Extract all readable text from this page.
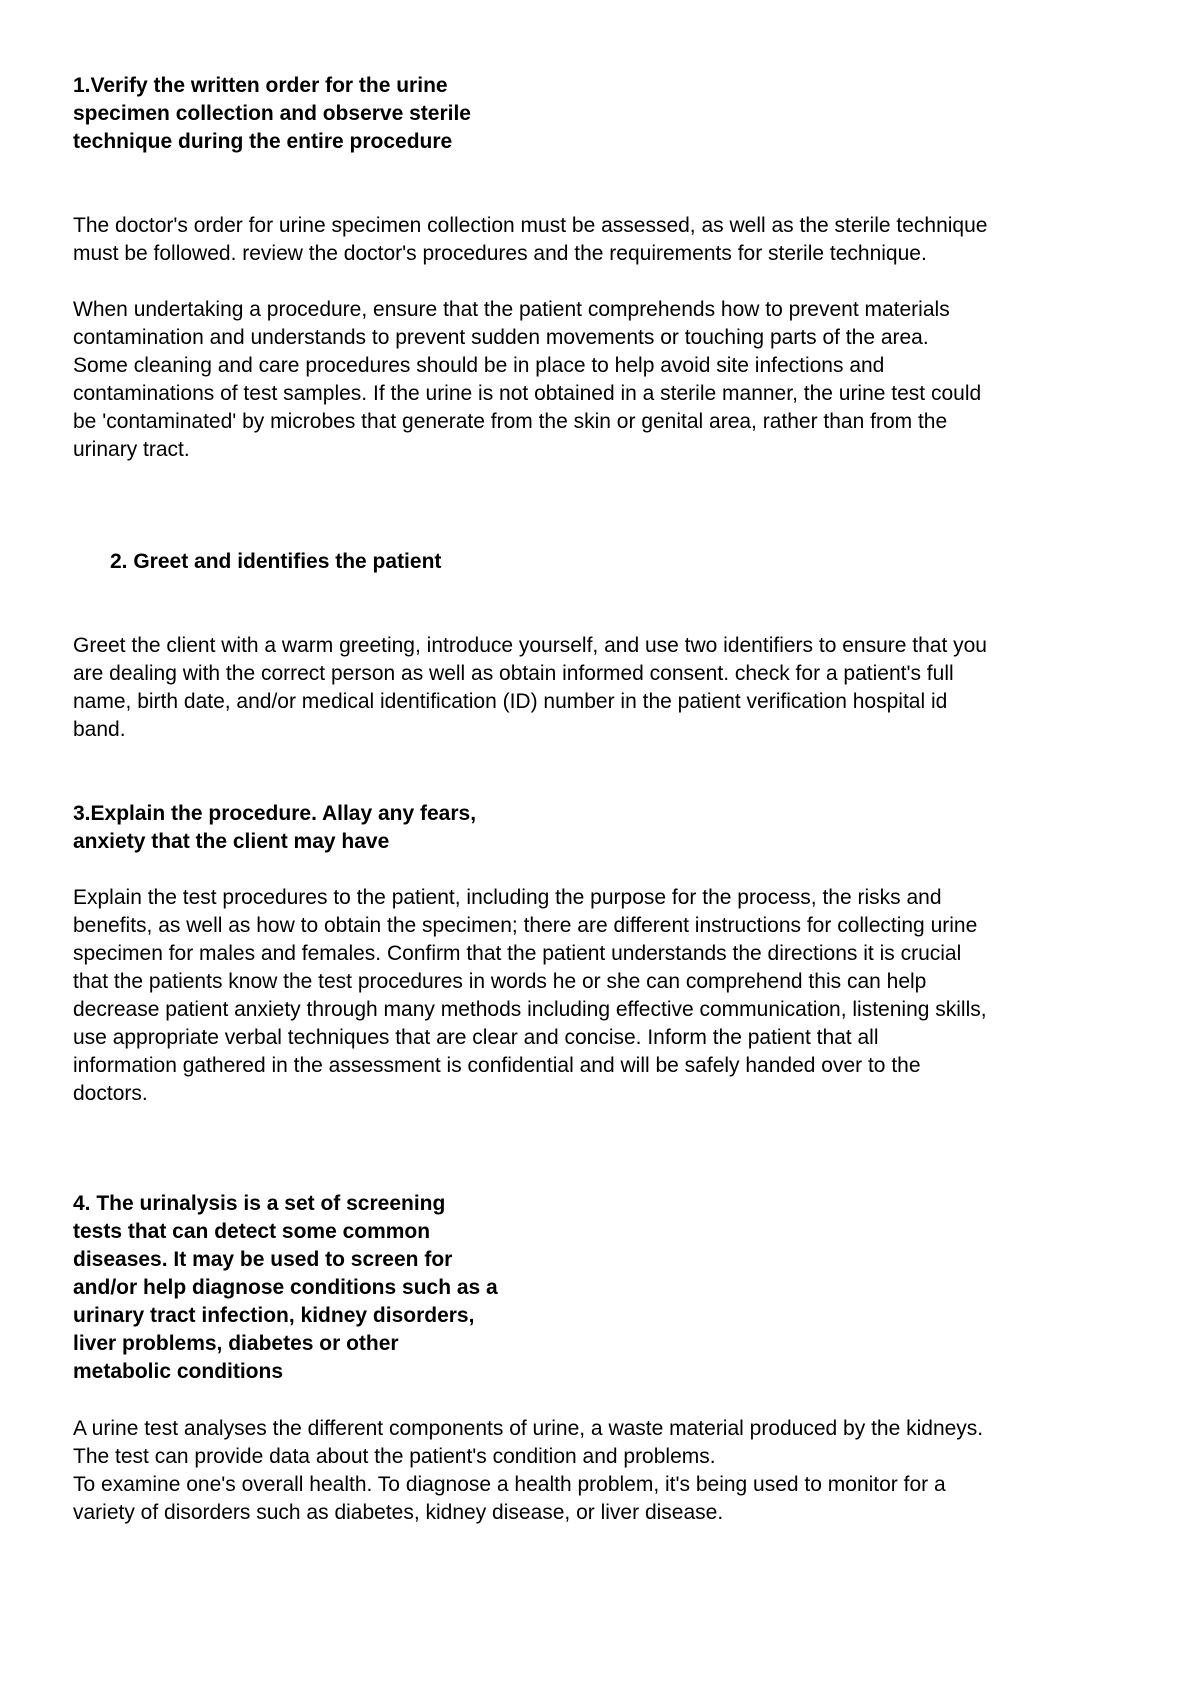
1.Verify the written order for the urine
specimen collection and observe sterile
technique during the entire procedure
The doctor's order for urine specimen collection must be assessed, as well as the sterile technique
must be followed. review the doctor's procedures and the requirements for sterile technique.
When undertaking a procedure, ensure that the patient comprehends how to prevent materials
contamination and understands to prevent sudden movements or touching parts of the area.
Some cleaning and care procedures should be in place to help avoid site infections and
contaminations of test samples. If the urine is not obtained in a sterile manner, the urine test could
be 'contaminated' by microbes that generate from the skin or genital area, rather than from the
urinary tract.
2. Greet and identifies the patient
Greet the client with a warm greeting, introduce yourself, and use two identifiers to ensure that you
are dealing with the correct person as well as obtain informed consent. check for a patient's full
name, birth date, and/or medical identification (ID) number in the patient verification hospital id
band.
3.Explain the procedure. Allay any fears,
anxiety that the client may have
Explain the test procedures to the patient, including the purpose for the process, the risks and
benefits, as well as how to obtain the specimen; there are different instructions for collecting urine
specimen for males and females. Confirm that the patient understands the directions it is crucial
that the patients know the test procedures in words he or she can comprehend this can help
decrease patient anxiety through many methods including effective communication, listening skills,
use appropriate verbal techniques that are clear and concise. Inform the patient that all
information gathered in the assessment is confidential and will be safely handed over to the
doctors.
4. The urinalysis is a set of screening
tests that can detect some common
diseases. It may be used to screen for
and/or help diagnose conditions such as a
urinary tract infection, kidney disorders,
liver problems, diabetes or other
metabolic conditions
A urine test analyses the different components of urine, a waste material produced by the kidneys.
The test can provide data about the patient's condition and problems.
To examine one's overall health. To diagnose a health problem, it's being used to monitor for a
variety of disorders such as diabetes, kidney disease, or liver disease.
